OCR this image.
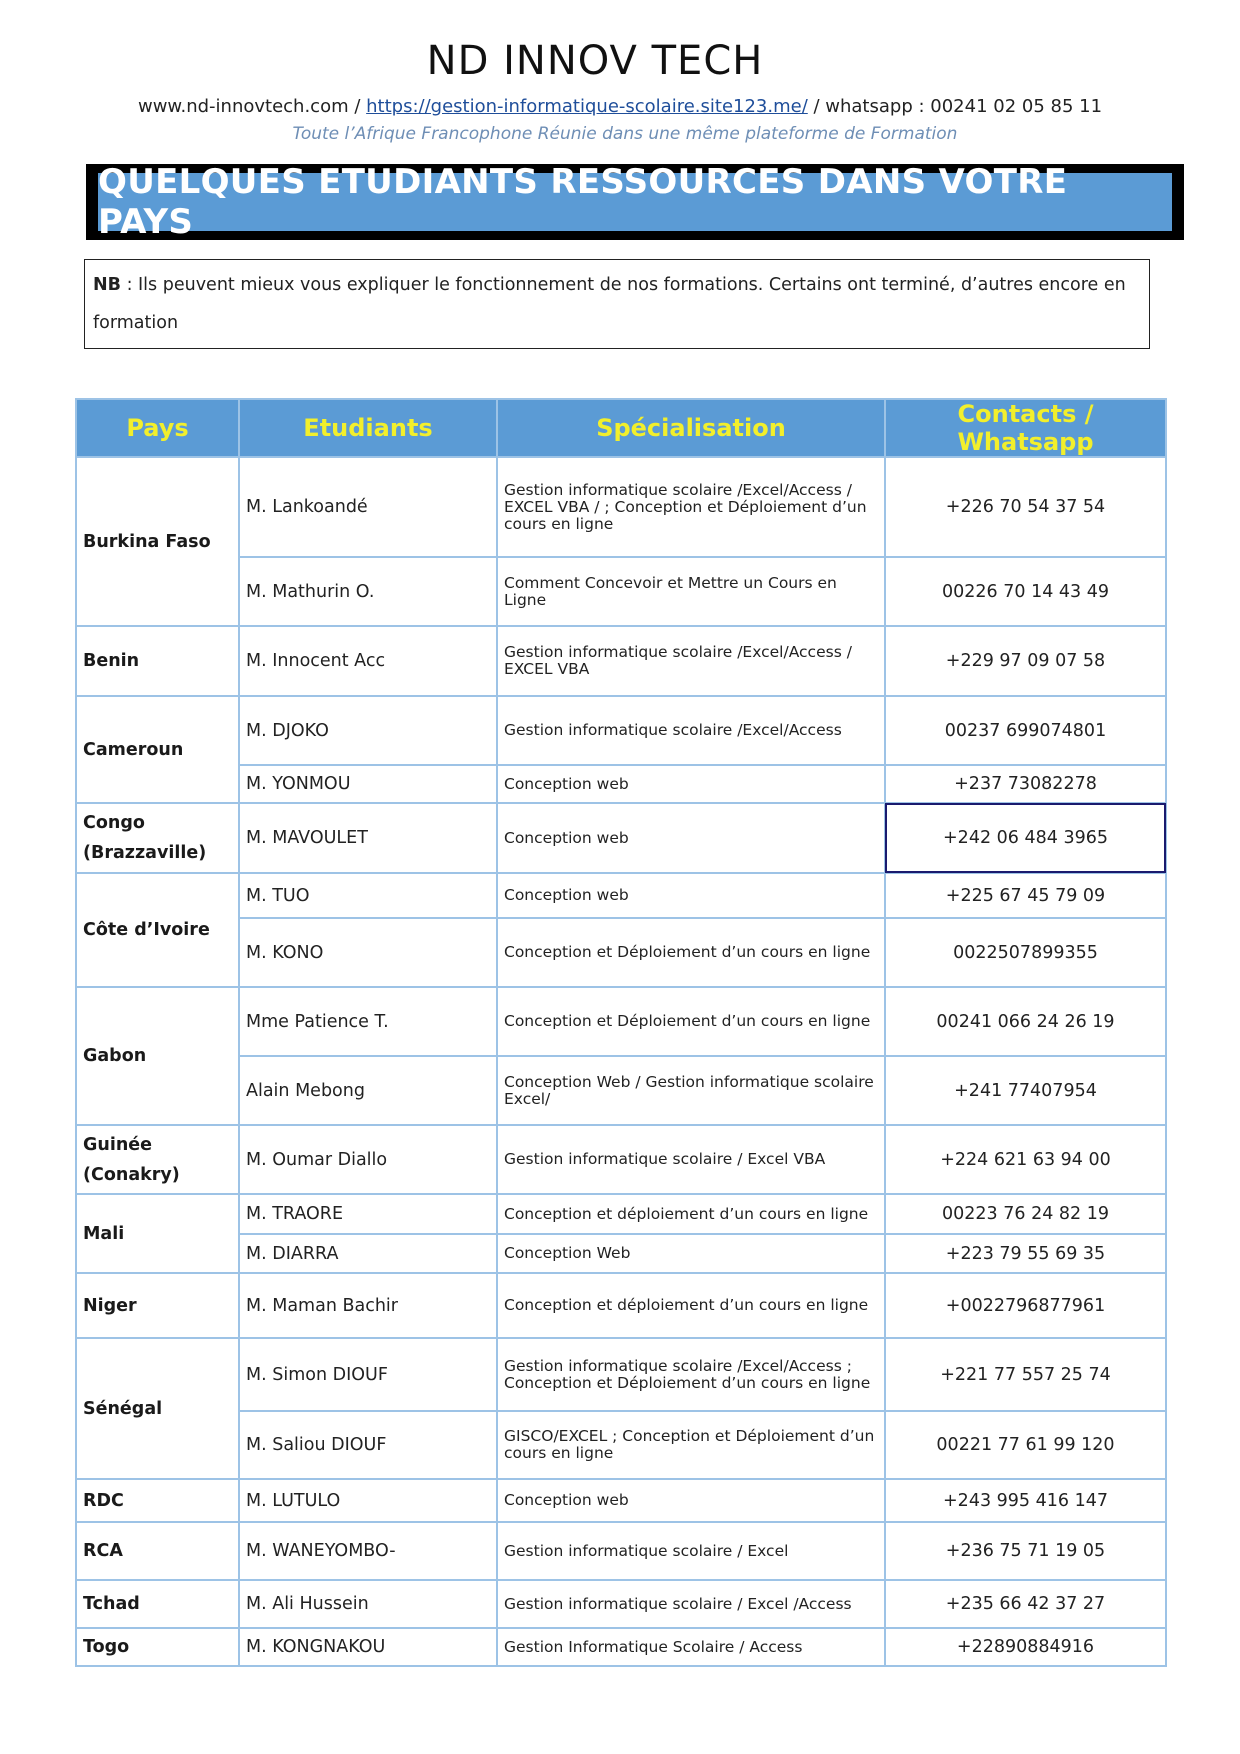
ND INNOV TECH
www.nd-innovtech.com / https://gestion-informatique-scolaire.site123.me/ / whatsapp : 00241 02 05 85 11
Toute l’Afrique Francophone Réunie dans une même plateforme de Formation
QUELQUES ETUDIANTS RESSOURCES DANS VOTRE PAYS
NB : Ils peuvent mieux vous expliquer le fonctionnement de nos formations. Certains ont terminé, d’autres encore en formation
Pays	Etudiants	Spécialisation	Contacts / Whatsapp
Burkina Faso	M. Lankoandé	Gestion informatique scolaire /Excel/Access / EXCEL VBA / ; Conception et Déploiement d’un cours en ligne	+226 70 54 37 54
	M. Mathurin O.	Comment Concevoir et Mettre un Cours en Ligne	00226 70 14 43 49
Benin	M. Innocent Acc	Gestion informatique scolaire /Excel/Access / EXCEL VBA	+229 97 09 07 58
Cameroun	M. DJOKO	Gestion informatique scolaire /Excel/Access	00237 699074801
	M. YONMOU	Conception web	+237 73082278
Congo (Brazzaville)	M. MAVOULET	Conception web	+242 06 484 3965
Côte d’Ivoire	M. TUO	Conception web	+225 67 45 79 09
	M. KONO	Conception et Déploiement d’un cours en ligne	0022507899355
Gabon	Mme Patience T.	Conception et Déploiement d’un cours en ligne	00241 066 24 26 19
	Alain Mebong	Conception Web / Gestion informatique scolaire Excel/	+241 77407954
Guinée (Conakry)	M. Oumar Diallo	Gestion informatique scolaire / Excel VBA	+224 621 63 94 00
Mali	M. TRAORE	Conception et déploiement d’un cours en ligne	00223 76 24 82 19
	M. DIARRA	Conception Web	+223 79 55 69 35
Niger	M. Maman Bachir	Conception et déploiement d’un cours en ligne	+0022796877961
Sénégal	M. Simon DIOUF	Gestion informatique scolaire /Excel/Access ; Conception et Déploiement d’un cours en ligne	+221 77 557 25 74
	M. Saliou DIOUF	GISCO/EXCEL ; Conception et Déploiement d’un cours en ligne	00221 77 61 99 120
RDC	M. LUTULO	Conception web	+243 995 416 147
RCA	M. WANEYOMBO-	Gestion informatique scolaire / Excel	+236 75 71 19 05
Tchad	M. Ali Hussein	Gestion informatique scolaire / Excel /Access	+235 66 42 37 27
Togo	M. KONGNAKOU	Gestion Informatique Scolaire / Access	+22890884916
